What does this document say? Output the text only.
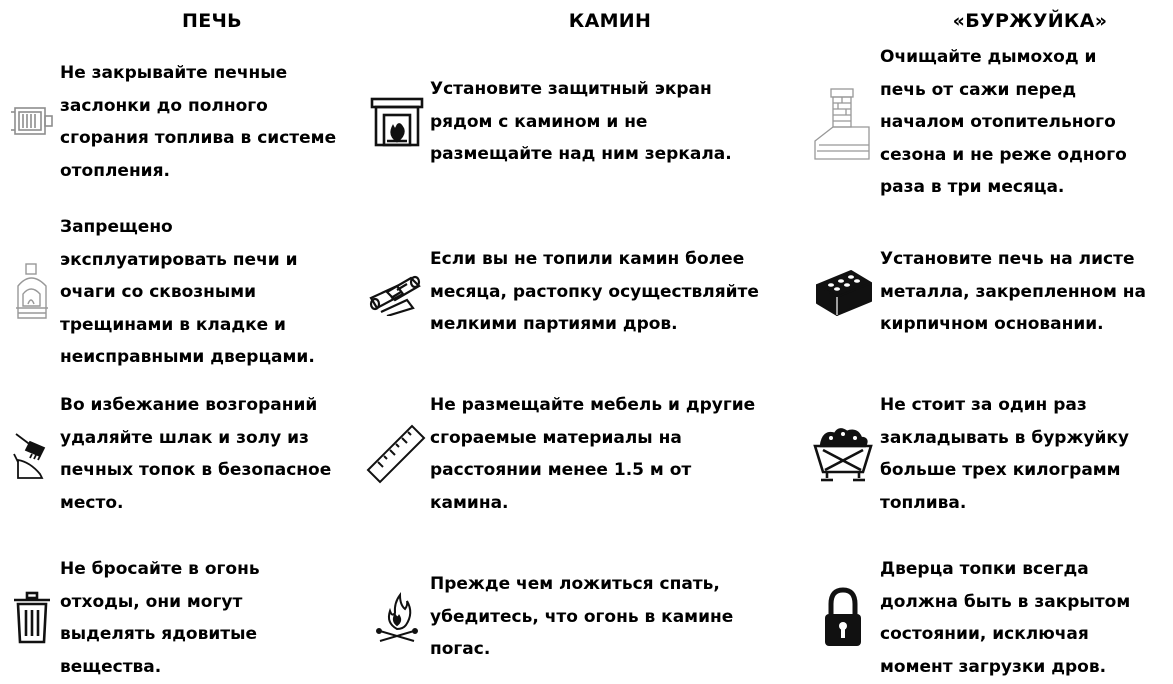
ПЕЧЬ	КАМИН	«БУРЖУЙКА»
Не закрывайте печные
заслонки до полного
сгорания топлива в системе
отопления.
Запрещено
эксплуатировать печи и
очаги со сквозными
трещинами в кладке и
неисправными дверцами.
Во избежание возгораний
удаляйте шлак и золу из
печных топок в безопасное
место.
Не бросайте в огонь
отходы, они могут
выделять ядовитые
вещества.
Установите защитный экран
рядом с камином и не
размещайте над ним зеркала.
Если вы не топили камин более
месяца, растопку осуществляйте
мелкими партиями дров.
Не размещайте мебель и другие
сгораемые материалы на
расстоянии менее 1.5 м от
камина.
Прежде чем ложиться спать,
убедитесь, что огонь в камине
погас.
Очищайте дымоход и
печь от сажи перед
началом отопительного
сезона и не реже одного
раза в три месяца.
Установите печь на листе
металла, закрепленном на
кирпичном основании.
Не стоит за один раз
закладывать в буржуйку
больше трех килограмм
топлива.
Дверца топки всегда
должна быть в закрытом
состоянии, исключая
момент загрузки дров.
